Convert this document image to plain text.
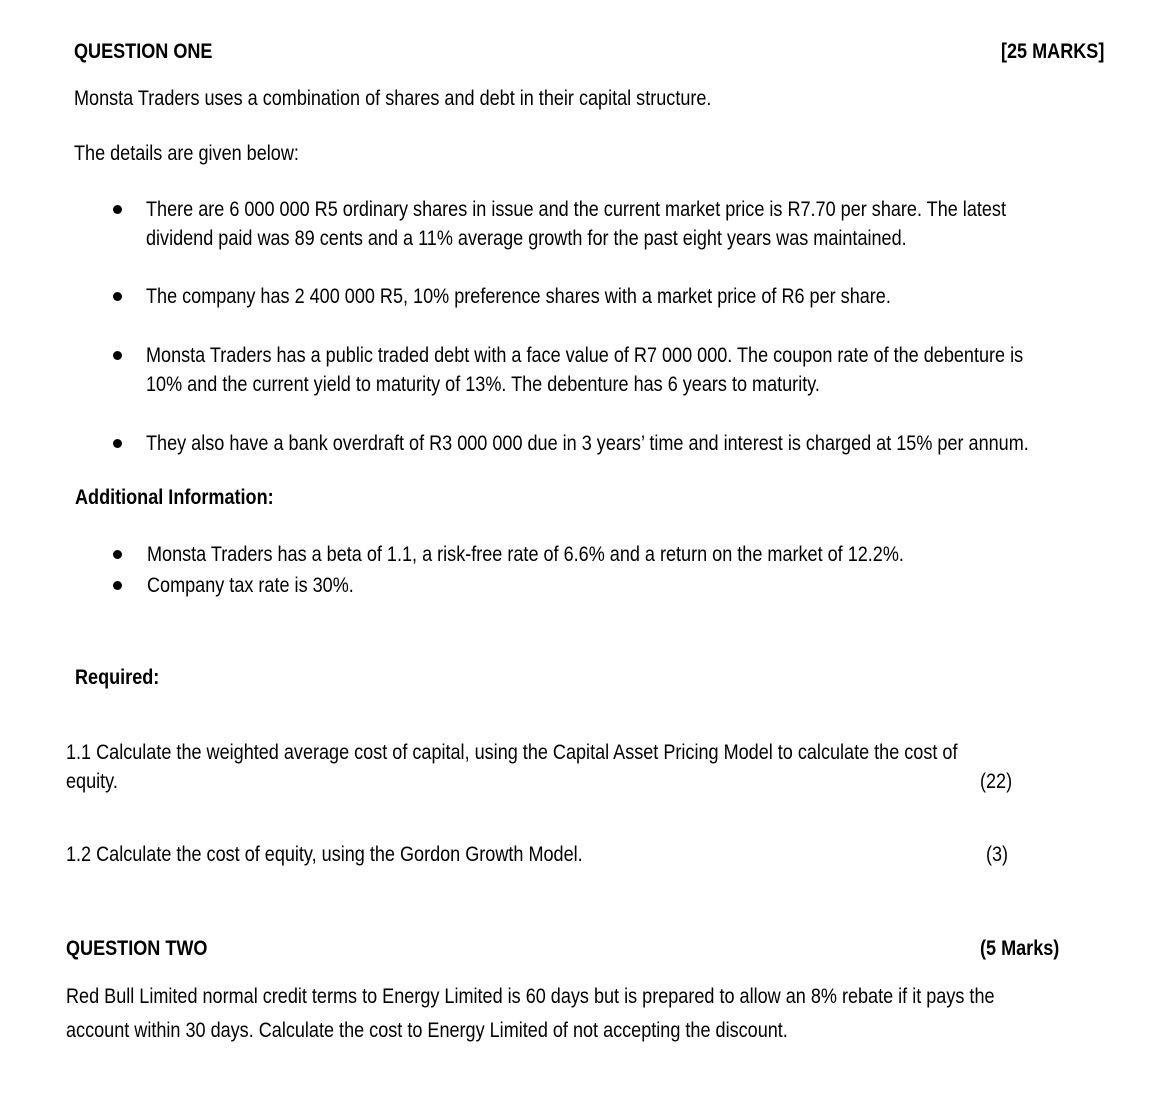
QUESTION ONE	[25 MARKS]
Monsta Traders uses a combination of shares and debt in their capital structure.
The details are given below:
There are 6 000 000 R5 ordinary shares in issue and the current market price is R7.70 per share. The latest
dividend paid was 89 cents and a 11% average growth for the past eight years was maintained.
The company has 2 400 000 R5, 10% preference shares with a market price of R6 per share.
Monsta Traders has a public traded debt with a face value of R7 000 000. The coupon rate of the debenture is
10% and the current yield to maturity of 13%. The debenture has 6 years to maturity.
They also have a bank overdraft of R3 000 000 due in 3 years’ time and interest is charged at 15% per annum.
Additional Information:
Monsta Traders has a beta of 1.1, a risk-free rate of 6.6% and a return on the market of 12.2%.
Company tax rate is 30%.
Required:
1.1 Calculate the weighted average cost of capital, using the Capital Asset Pricing Model to calculate the cost of
equity.	(22)
1.2 Calculate the cost of equity, using the Gordon Growth Model.	(3)
QUESTION TWO	(5 Marks)
Red Bull Limited normal credit terms to Energy Limited is 60 days but is prepared to allow an 8% rebate if it pays the
account within 30 days. Calculate the cost to Energy Limited of not accepting the discount.
